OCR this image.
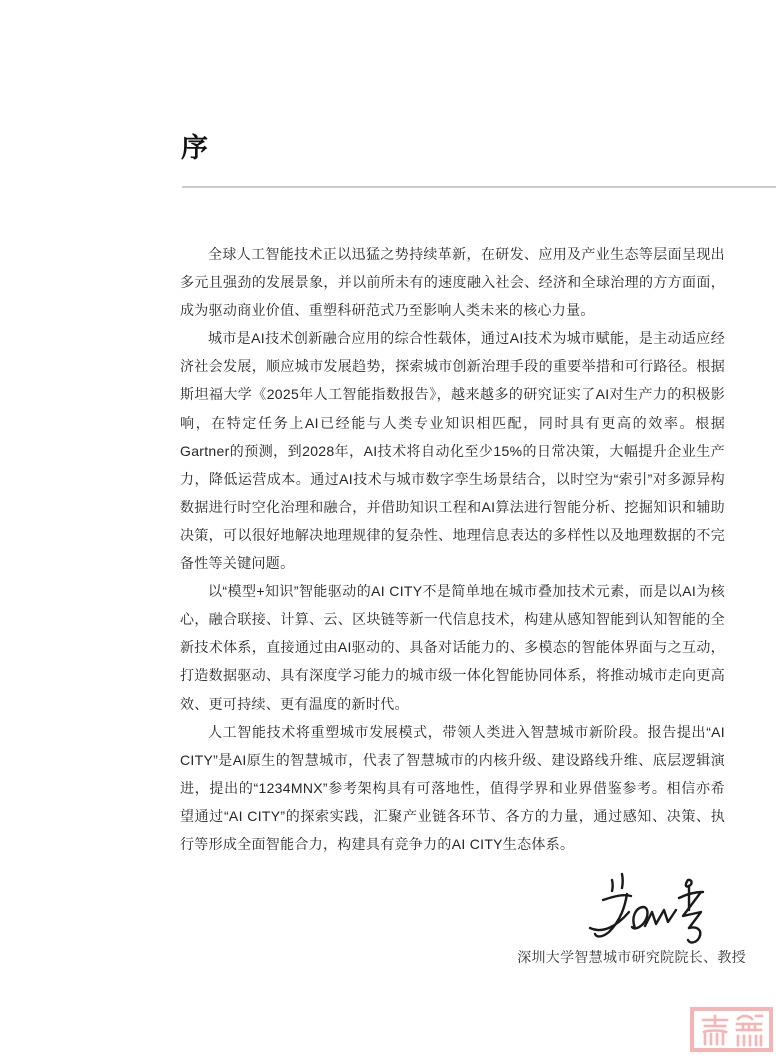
序

全球人工智能技术正以迅猛之势持续革新，在研发、应用及产业生态等层面呈现出多元且强劲的发展景象，并以前所未有的速度融入社会、经济和全球治理的方方面面，成为驱动商业价值、重塑科研范式乃至影响人类未来的核心力量。

城市是AI技术创新融合应用的综合性载体，通过AI技术为城市赋能，是主动适应经济社会发展，顺应城市发展趋势，探索城市创新治理手段的重要举措和可行路径。根据斯坦福大学《2025年人工智能指数报告》，越来越多的研究证实了AI对生产力的积极影响，在特定任务上AI已经能与人类专业知识相匹配，同时具有更高的效率。根据Gartner的预测，到2028年，AI技术将自动化至少15%的日常决策，大幅提升企业生产力，降低运营成本。通过AI技术与城市数字孪生场景结合，以时空为“索引”对多源异构数据进行时空化治理和融合，并借助知识工程和AI算法进行智能分析、挖掘知识和辅助决策，可以很好地解决地理规律的复杂性、地理信息表达的多样性以及地理数据的不完备性等关键问题。

以“模型+知识”智能驱动的AI CITY不是简单地在城市叠加技术元素，而是以AI为核心，融合联接、计算、云、区块链等新一代信息技术，构建从感知智能到认知智能的全新技术体系，直接通过由AI驱动的、具备对话能力的、多模态的智能体界面与之互动，打造数据驱动、具有深度学习能力的城市级一体化智能协同体系，将推动城市走向更高效、更可持续、更有温度的新时代。

人工智能技术将重塑城市发展模式，带领人类进入智慧城市新阶段。报告提出“AI CITY”是AI原生的智慧城市，代表了智慧城市的内核升级、建设路线升维、底层逻辑演进，提出的“1234MNX”参考架构具有可落地性，值得学界和业界借鉴参考。相信亦希望通过“AI CITY”的探索实践，汇聚产业链各环节、各方的力量，通过感知、决策、执行等形成全面智能合力，构建具有竞争力的AI CITY生态体系。

深圳大学智慧城市研究院院长、教授
